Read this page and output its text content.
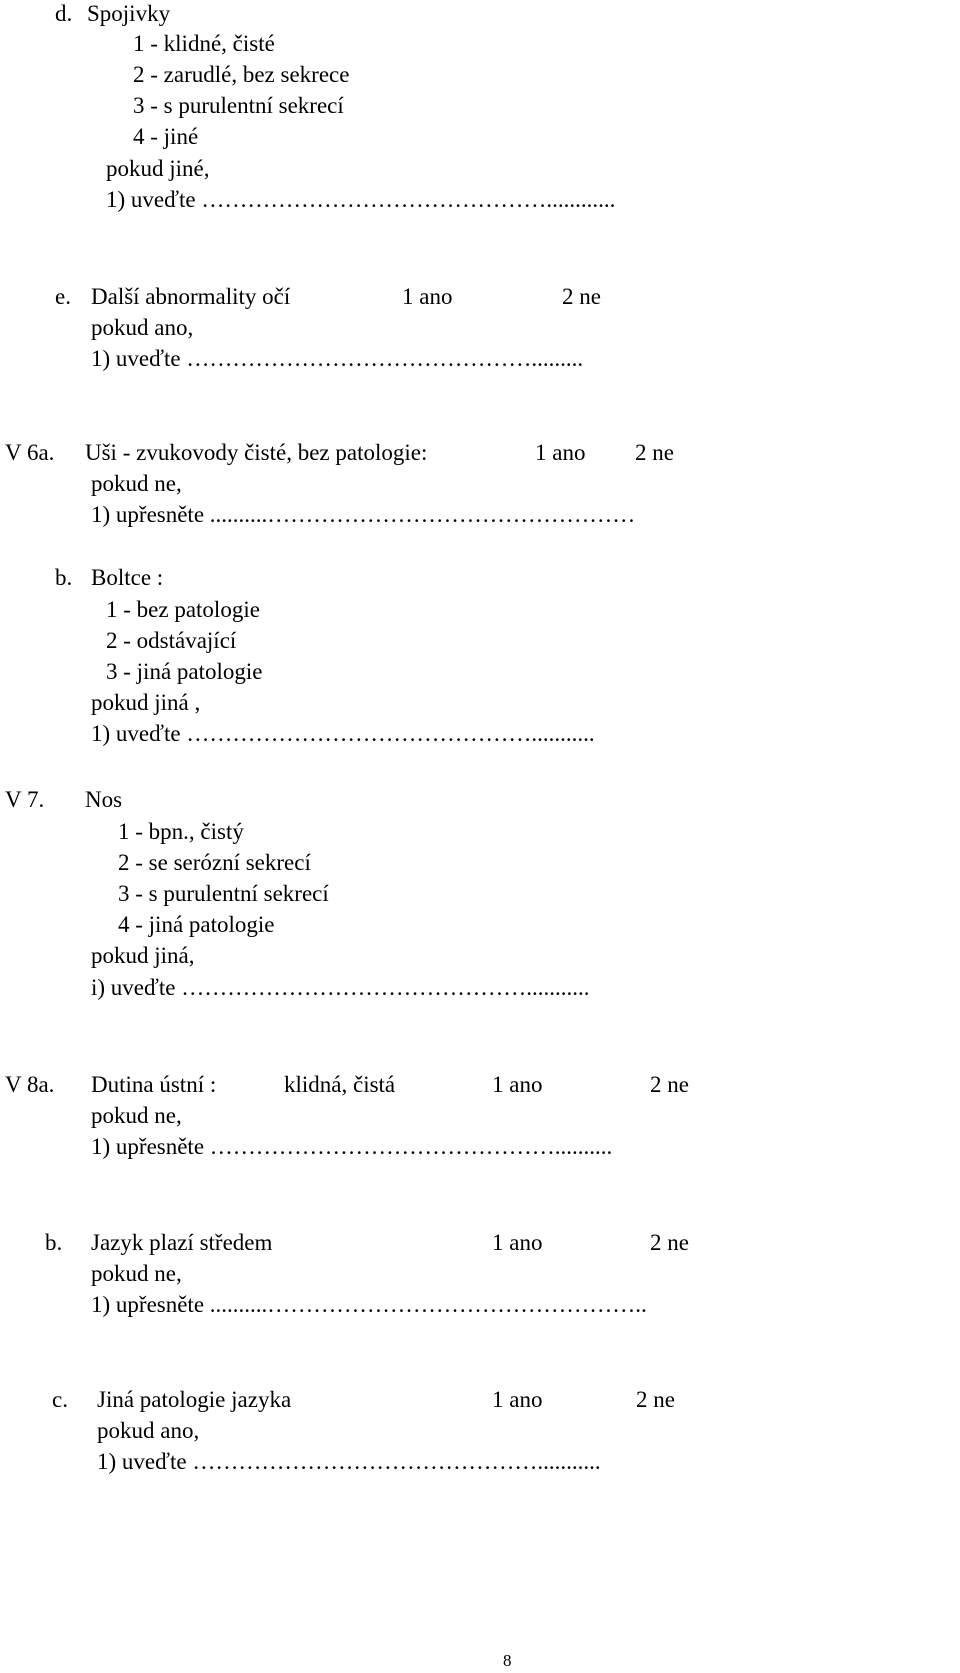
d. Spojivky
1 - klidné, čisté
2 - zarudlé, bez sekrece
3 - s purulentní sekrecí
4 - jiné
pokud jiné,
1) uveďte ………………………………………............
e. Další abnormality očí	1 ano	2 ne
pokud ano,
1) uveďte ……………………………………….........
V 6a. Uši - zvukovody čisté, bez patologie:	1 ano 2 ne
pokud ne,
1) upřesněte ..........…………………………………………
b. Boltce :
1 - bez patologie
2 - odstávající
3 - jiná patologie
pokud jiná ,
1) uveďte ………………………………………...........
V 7. Nos
1 - bpn., čistý
2 - se serózní sekrecí
3 - s purulentní sekrecí
4 - jiná patologie
pokud jiná,
i) uveďte ………………………………………...........
V 8a. Dutina ústní :	klidná, čistá	1 ano	2 ne
pokud ne,
1) upřesněte ………………………………………..........
b. Jazyk plazí středem	1 ano	2 ne
pokud ne,
1) upřesněte ..........…………………………………………..
c. Jiná patologie jazyka	1 ano	2 ne
pokud ano,
1) uveďte ………………………………………...........
8
